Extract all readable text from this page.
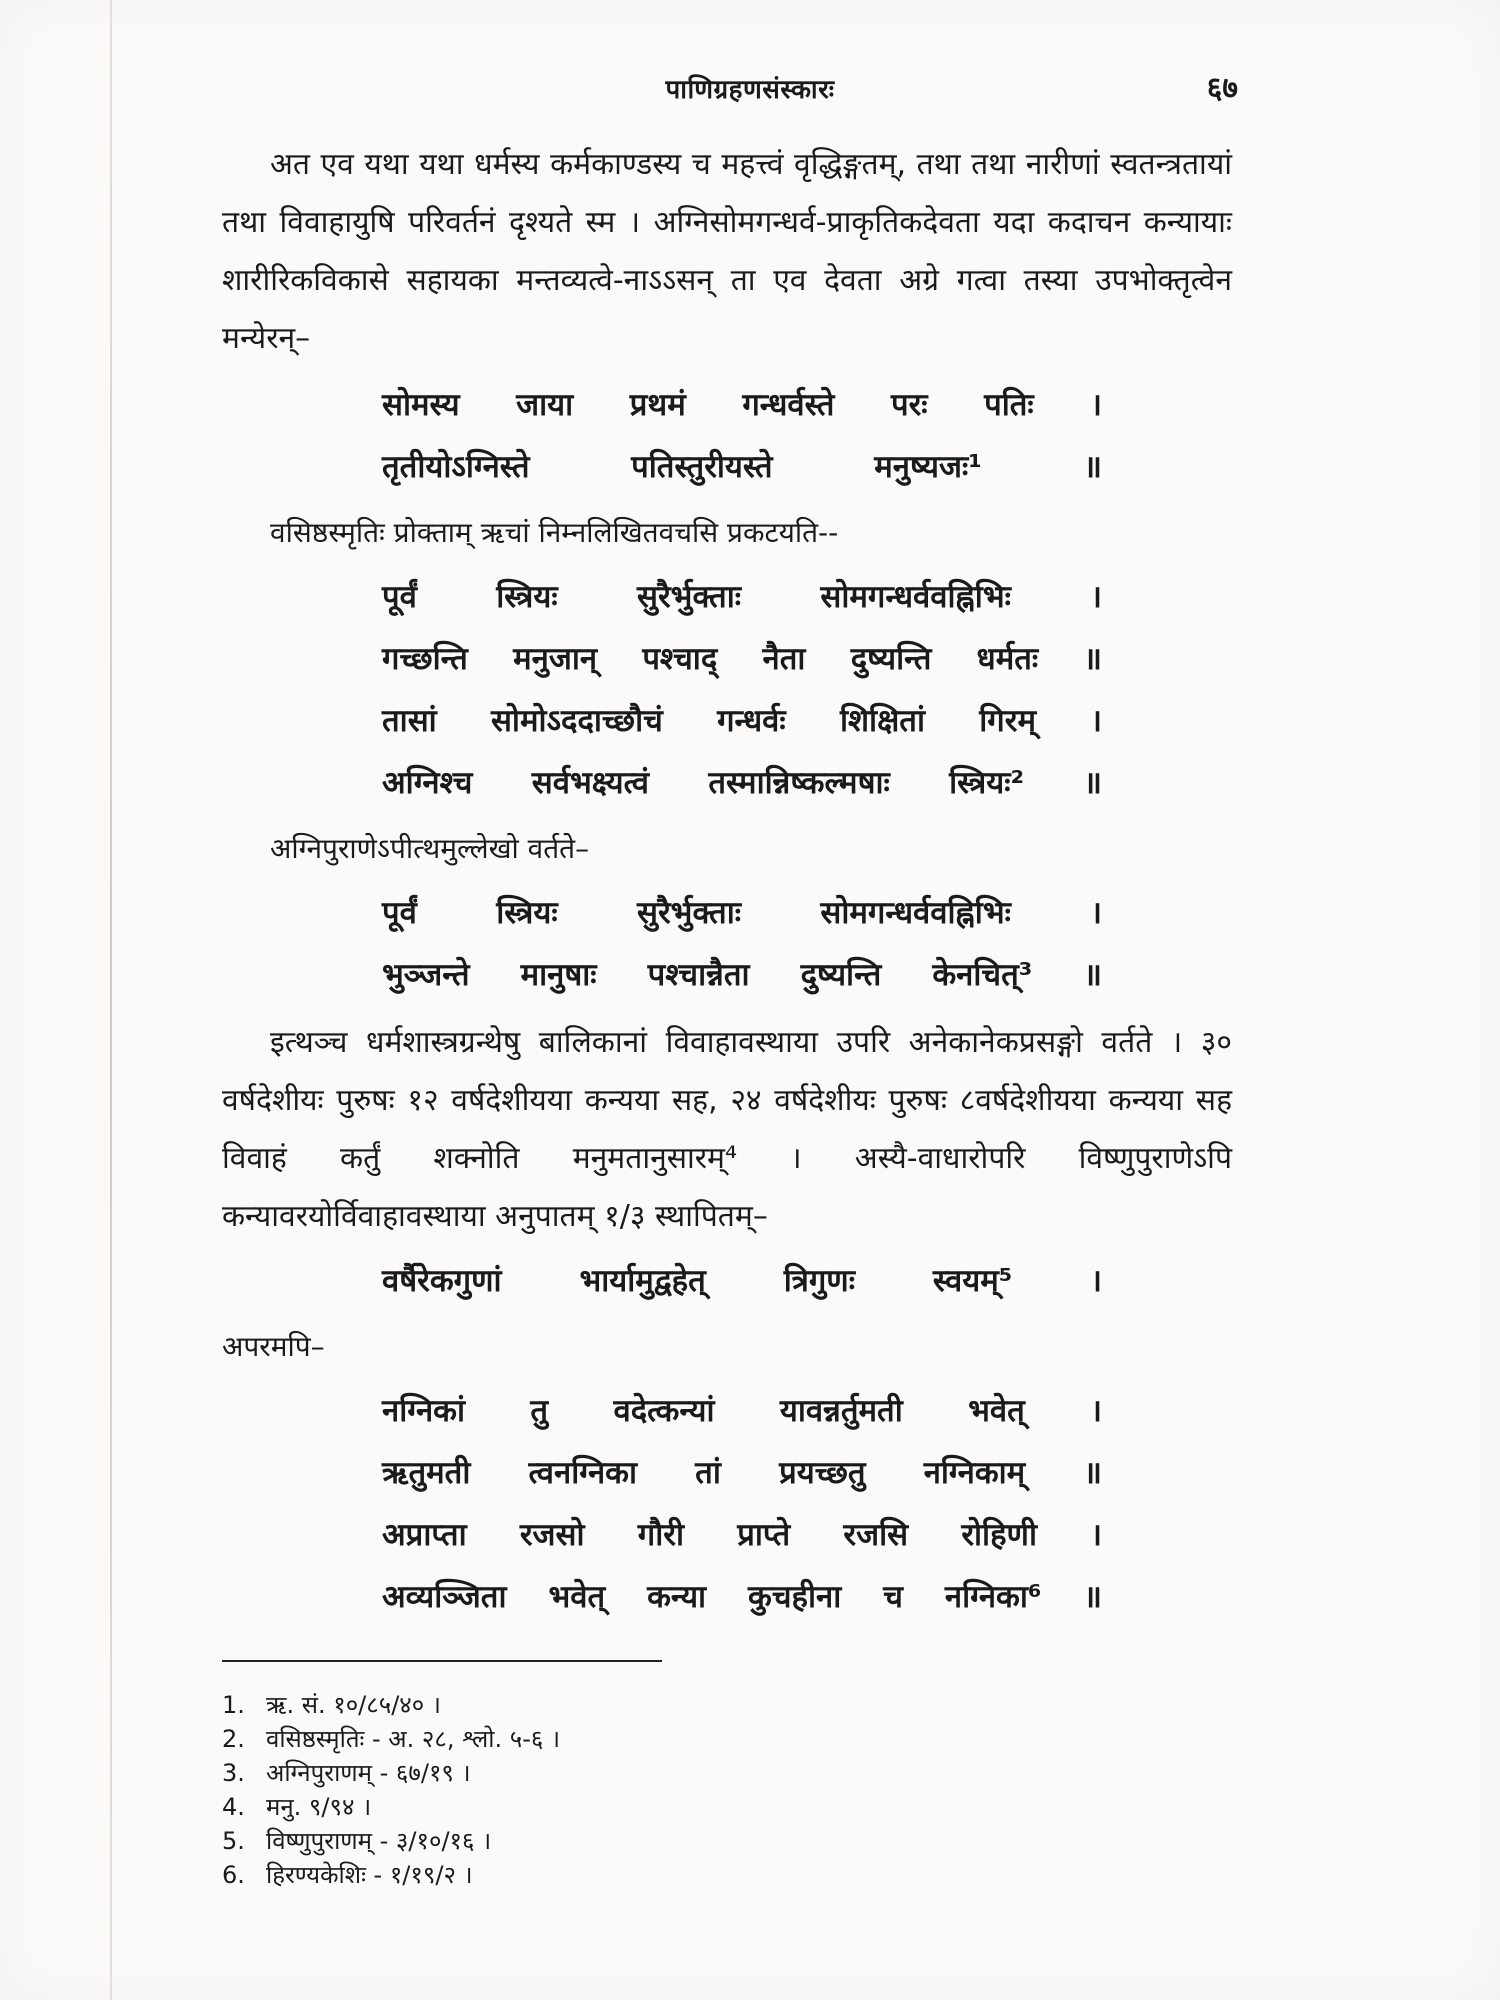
पाणिग्रहणसंस्कारः	६७

अत एव यथा यथा धर्मस्य कर्मकाण्डस्य च महत्त्वं वृद्धिङ्गतम्, तथा तथा नारीणां स्वतन्त्रतायां तथा विवाहायुषि परिवर्तनं दृश्यते स्म । अग्निसोमगन्धर्व-प्राकृतिकदेवता यदा कदाचन कन्यायाः शारीरिकविकासे सहायका मन्तव्यत्वे-नाऽऽसन् ता एव देवता अग्रे गत्वा तस्या उपभोक्तृत्वेन मन्येरन्–

सोमस्य जाया प्रथमं गन्धर्वस्ते परः पतिः ।
तृतीयोऽग्निस्ते पतिस्तुरीयस्ते मनुष्यजः¹ ॥

वसिष्ठस्मृतिः प्रोक्ताम् ऋचां निम्नलिखितवचसि प्रकटयति--

पूर्वं स्त्रियः सुरैर्भुक्ताः सोमगन्धर्ववह्निभिः ।
गच्छन्ति मनुजान् पश्चाद् नैता दुष्यन्ति धर्मतः ॥
तासां सोमोऽददाच्छौचं गन्धर्वः शिक्षितां गिरम् ।
अग्निश्च सर्वभक्ष्यत्वं तस्मान्निष्कल्मषाः स्त्रियः² ॥

अग्निपुराणेऽपीत्थमुल्लेखो वर्तते–

पूर्वं स्त्रियः सुरैर्भुक्ताः सोमगन्धर्ववह्निभिः ।
भुञ्जन्ते मानुषाः पश्चान्नैता दुष्यन्ति केनचित्³ ॥

इत्थञ्च धर्मशास्त्रग्रन्थेषु बालिकानां विवाहावस्थाया उपरि अनेकानेकप्रसङ्गो वर्तते । ३० वर्षदेशीयः पुरुषः १२ वर्षदेशीयया कन्यया सह, २४ वर्षदेशीयः पुरुषः ८वर्षदेशीयया कन्यया सह विवाहं कर्तुं शक्नोति मनुमतानुसारम्⁴ । अस्यै-वाधारोपरि विष्णुपुराणेऽपि कन्यावरयोर्विवाहावस्थाया अनुपातम् १/३ स्थापितम्–

वर्षैरेकगुणां भार्यामुद्वहेत् त्रिगुणः स्वयम्⁵ ।

अपरमपि–

नग्निकां तु वदेत्कन्यां यावन्नर्तुमती भवेत् ।
ऋतुमती त्वनग्निका तां प्रयच्छतु नग्निकाम् ॥
अप्राप्ता रजसो गौरी प्राप्ते रजसि रोहिणी ।
अव्यञ्जिता भवेत् कन्या कुचहीना च नग्निका⁶ ॥
1. ऋ. सं. १०/८५/४० ।
2. वसिष्ठस्मृतिः - अ. २८, श्लो. ५-६ ।
3. अग्निपुराणम् - ६७/१९ ।
4. मनु. ९/९४ ।
5. विष्णुपुराणम् - ३/१०/१६ ।
6. हिरण्यकेशिः - १/१९/२ ।
